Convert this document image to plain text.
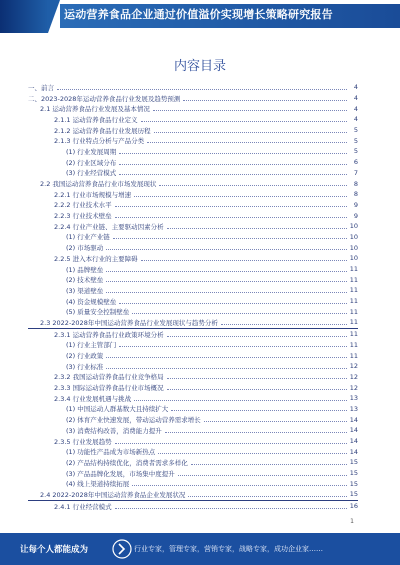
运动营养食品企业通过价值溢价实现增长策略研究报告
内容目录
一、前言	4
二、2023-2028年运动营养食品行业发展及趋势预测	4
2.1 运动营养食品行业发展及基本情况	4
2.1.1 运动营养食品行业定义	4
2.1.2 运动营养食品行业发展历程	5
2.1.3 行业特点分析与产品分类	5
(1) 行业发展周期	5
(2) 行业区域分布	6
(3) 行业经营模式	7
2.2 我国运动营养食品行业市场发展现状	8
2.2.1 行业市场规模与增速	8
2.2.2 行业技术水平	9
2.2.3 行业技术壁垒	9
2.2.4 行业产业链、主要驱动因素分析	10
(1) 行业产业链	10
(2) 市场驱动	10
2.2.5 进入本行业的主要障碍	10
(1) 品牌壁垒	11
(2) 技术壁垒	11
(3) 渠道壁垒	11
(4) 资金规模壁垒	11
(5) 质量安全控制壁垒	11
2.3 2022-2028年中国运动营养食品行业发展现状与趋势分析	11
2.3.1 运动营养食品行业政策环境分析	11
(1) 行业主管部门	11
(2) 行业政策	11
(3) 行业标准	12
2.3.2 我国运动营养食品行业竞争格局	12
2.3.3 国际运动营养食品行业市场概况	12
2.3.4 行业发展机遇与挑战	13
(1) 中国运动人群基数大且持续扩大	13
(2) 体育产业快速发展，带动运动营养需求增长	14
(3) 消费结构改善，消费能力提升	14
2.3.5 行业发展趋势	14
(1) 功能性产品成为市场新热点	14
(2) 产品结构持续优化，消费者需求多样化	15
(3) 产品品牌化发展，市场集中度提升	15
(4) 线上渠道持续拓展	15
2.4 2022-2028年中国运动营养食品企业发展状况	15
2.4.1 行业经营模式	16
1
让每个人都能成为	行业专家，管理专家，营销专家，战略专家，成功企业家……
